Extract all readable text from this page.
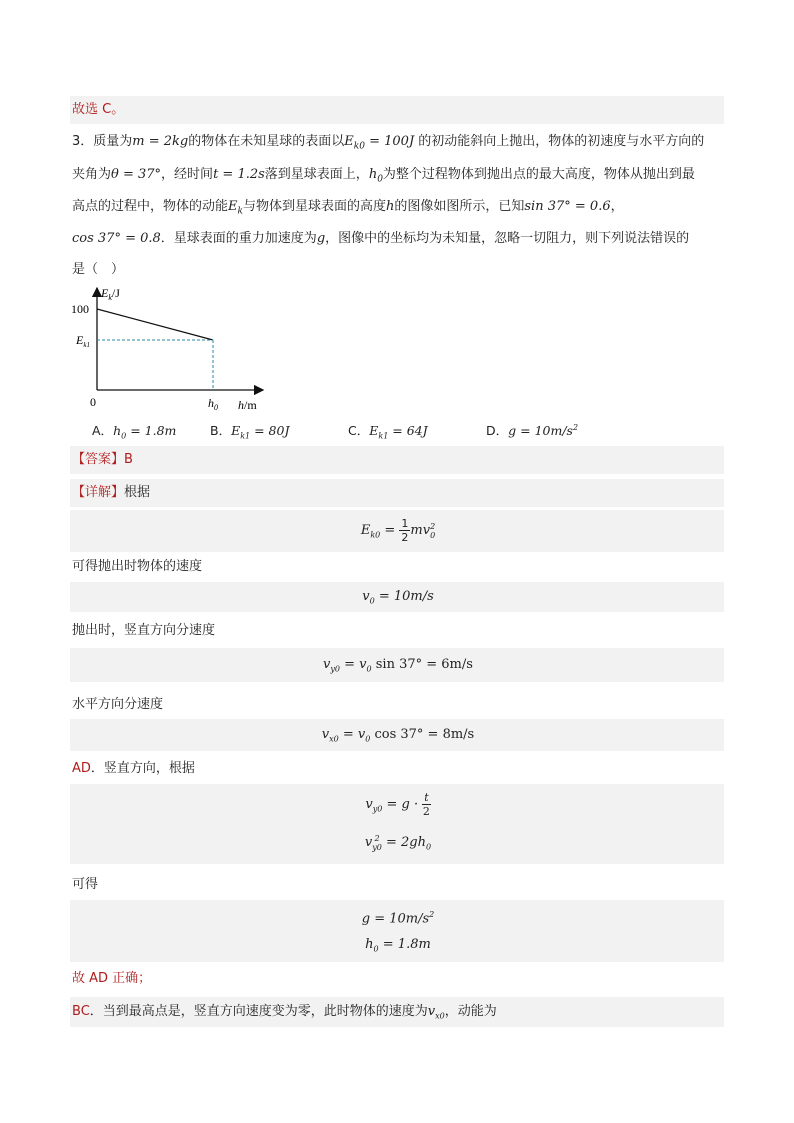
故选 C。
3．质量为m = 2kg的物体在未知星球的表面以$E_{k0} = 100J$ 的初动能斜向上抛出，物体的初速度与水平方向的
夹角为θ = 37°，经时间t = 1.2s落到星球表面上，$h_0$为整个过程物体到抛出点的最大高度，物体从抛出到最
高点的过程中，物体的动能$E_k$与物体到星球表面的高度h的图像如图所示，已知sin 37° = 0.6，
cos 37° = 0.8．星球表面的重力加速度为g，图像中的坐标均为未知量，忽略一切阻力，则下列说法错误的
是（　）
$E_k/J$
100
$E_{k1}$
0	$h_0$ h/m
A．$h_0 = 1.8m$	B．$E_{k1} = 80J$	C．$E_{k1} = 64J$	D．$g = 10m/s^2$
【答案】B
【详解】根据
$E_{k0} = \frac{1}{2}$ mv 2
0
可得抛出时物体的速度
$v_0 = 10m/s$
抛出时，竖直方向分速度
$v_{y0} = v_0$ sin 37° = 6m/s
水平方向分速度
$v_{x0} = v_0$ cos 37° = 8m/s
AD．竖直方向，根据
$v_{y0} = g \cdot \frac{t}{2}$
v 2
$y0 = 2gh_0$
可得
$g = 10m/s^2$
$h_0 = 1.8m$
故 AD 正确；
BC．当到最高点是，竖直方向速度变为零，此时物体的速度为$v_{x0}$，动能为
